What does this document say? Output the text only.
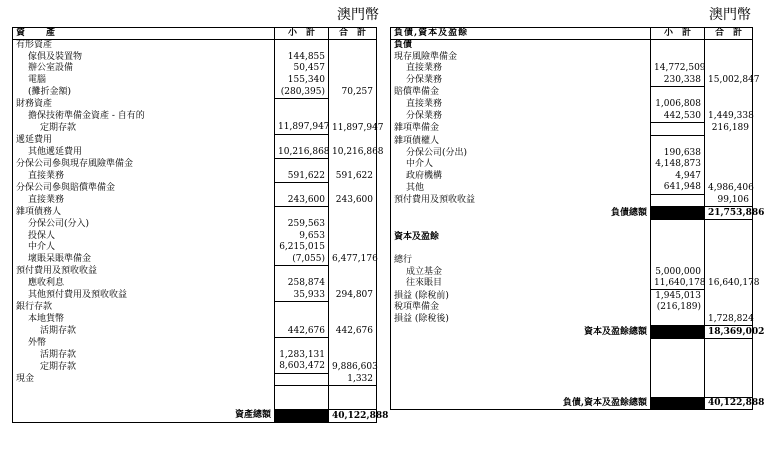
澳門幣	澳門幣
資　　產	小　計	合　計
有形資產		
傢俱及裝置物	144,855	
辦公室設備	50,457	
電腦	155,340	
(攤折金額)	(280,395)	70,257
財務資產		
擔保技術準備金資產 - 自有的		
定期存款	11,897,947	11,897,947
遞延費用		
其他遞延費用	10,216,868	10,216,868
分保公司參與現存風險準備金		
直接業務	591,622	591,622
分保公司參與賠償準備金		
直接業務	243,600	243,600
雜項債務人		
分保公司(分入)	259,563	
投保人	9,653	
中介人	6,215,015	
壞賬呆賬準備金	(7,055)	6,477,176
預付費用及預收收益		
應收利息	258,874	
其他預付費用及預收收益	35,933	294,807
銀行存款		
本地貨幣		
活期存款	442,676	442,676
外幣		
活期存款	1,283,131	
定期存款	8,603,472	9,886,603
現金		1,332

資產總額		40,122,888
負債,資本及盈餘	小　計	合　計
負債		
現存風險準備金		
直接業務	14,772,509	
分保業務	230,338	15,002,847
賠償準備金		
直接業務	1,006,808	
分保業務	442,530	1,449,338
雜項準備金		216,189
雜項債權人		
分保公司(分出)	190,638	
中介人	4,148,873	
政府機構	4,947	
其他	641,948	4,986,406
預付費用及預收收益		99,106
負債總額		21,753,886

資本及盈餘		

總行		
成立基金	5,000,000	
往來賬目	11,640,178	16,640,178
損益 (除稅前)	1,945,013	
稅項準備金	(216,189)	
損益 (除稅後)		1,728,824
資本及盈餘總額		18,369,002

負債,資本及盈餘總額		40,122,888
